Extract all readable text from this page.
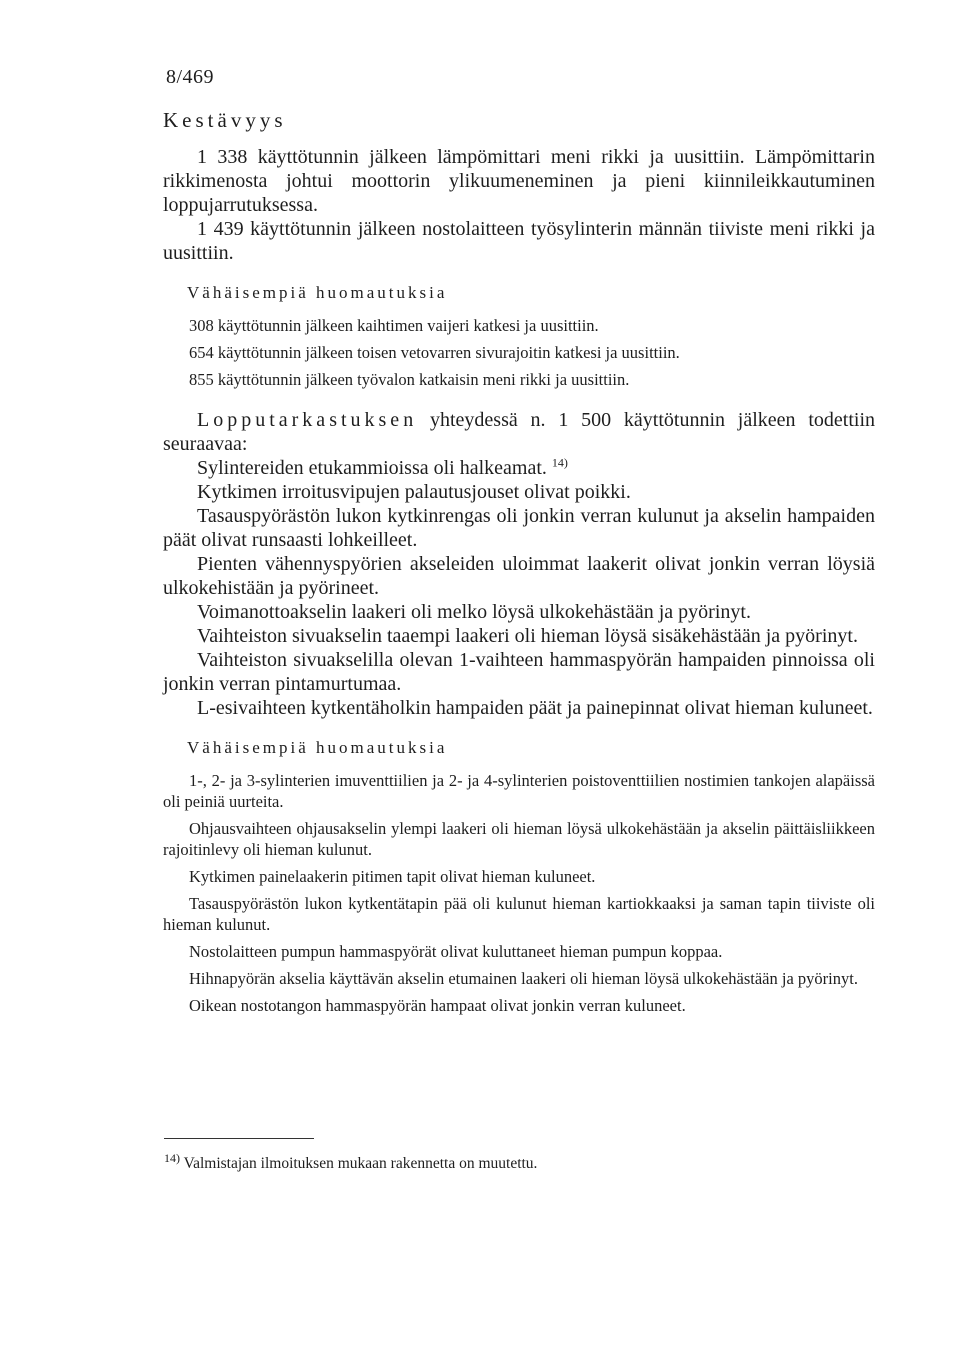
8/469
Kestävyys

1 338 käyttötunnin jälkeen lämpömittari meni rikki ja uusittiin. Lämpömittarin rikkimenosta johtui moottorin ylikuumeneminen ja pieni kiinnileikkautuminen loppujarrutuksessa.

1 439 käyttötunnin jälkeen nostolaitteen työsylinterin männän tiiviste meni rikki ja uusittiin.

Vähäisempiä huomautuksia

308 käyttötunnin jälkeen kaihtimen vaijeri katkesi ja uusittiin.

654 käyttötunnin jälkeen toisen vetovarren sivurajoitin katkesi ja uusittiin.

855 käyttötunnin jälkeen työvalon katkaisin meni rikki ja uusittiin.

Lopputarkastuksen yhteydessä n. 1 500 käyttötunnin jälkeen todettiin seuraavaa:

Sylintereiden etukammioissa oli halkeamat. $^{14)}$

Kytkimen irroitusvipujen palautusjouset olivat poikki.

Tasauspyörästön lukon kytkinrengas oli jonkin verran kulunut ja akselin hampaiden päät olivat runsaasti lohkeilleet.

Pienten vähennyspyörien akseleiden uloimmat laakerit olivat jonkin verran löysiä ulkokehistään ja pyörineet.

Voimanottoakselin laakeri oli melko löysä ulkokehästään ja pyörinyt.

Vaihteiston sivuakselin taaempi laakeri oli hieman löysä sisäkehästään ja pyörinyt.

Vaihteiston sivuakselilla olevan 1-vaihteen hammaspyörän hampaiden pinnoissa oli jonkin verran pintamurtumaa.

L-esivaihteen kytkentäholkin hampaiden päät ja painepinnat olivat hieman kuluneet.

Vähäisempiä huomautuksia

1-, 2- ja 3-sylinterien imuventtiilien ja 2- ja 4-sylinterien poistoventtiilien nostimien tankojen alapäissä oli peiniä uurteita.

Ohjausvaihteen ohjausakselin ylempi laakeri oli hieman löysä ulkokehästään ja akselin päittäisliikkeen rajoitinlevy oli hieman kulunut.

Kytkimen painelaakerin pitimen tapit olivat hieman kuluneet.

Tasauspyörästön lukon kytkentätapin pää oli kulunut hieman kartiokkaaksi ja saman tapin tiiviste oli hieman kulunut.

Nostolaitteen pumpun hammaspyörät olivat kuluttaneet hieman pumpun koppaa.

Hihnapyörän akselia käyttävän akselin etumainen laakeri oli hieman löysä ulkokehästään ja pyörinyt.

Oikean nostotangon hammaspyörän hampaat olivat jonkin verran kuluneet.

$^{14)}$ Valmistajan ilmoituksen mukaan rakennetta on muutettu.
